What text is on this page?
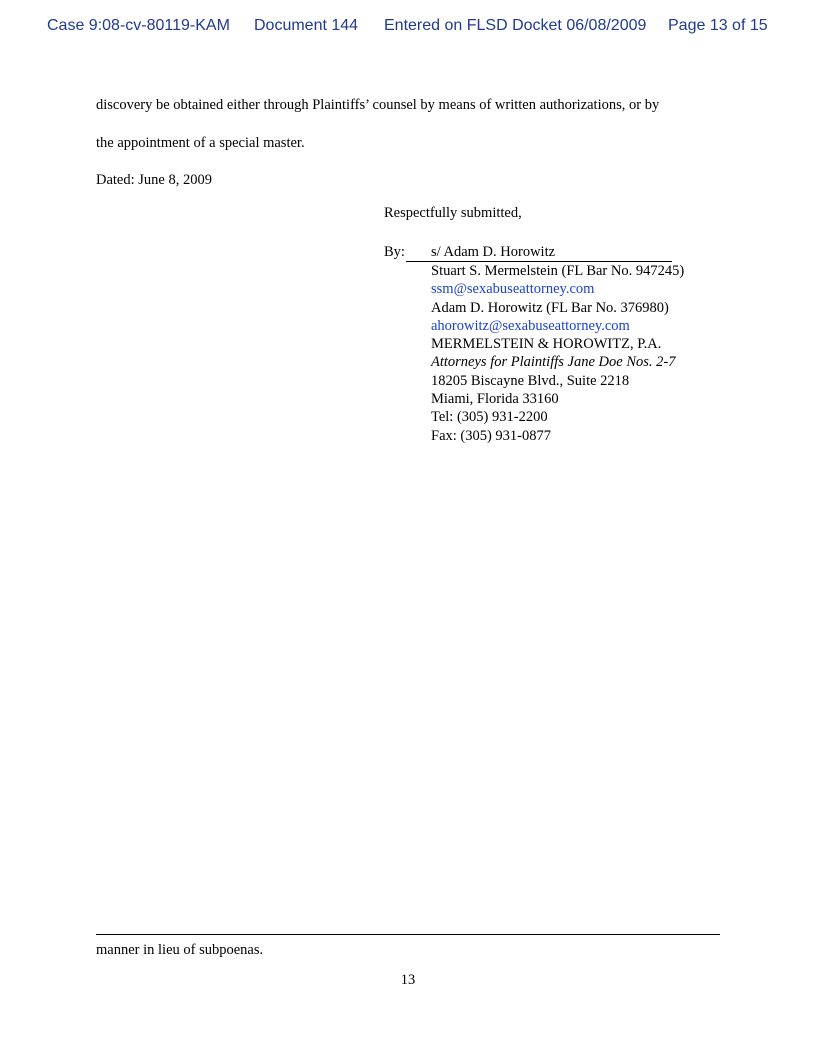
Case 9:08-cv-80119-KAM Document 144 Entered on FLSD Docket 06/08/2009 Page 13 of 15
discovery be obtained either through Plaintiffs’ counsel by means of written authorizations, or by
the appointment of a special master.
Dated: June 8, 2009
Respectfully submitted,
By: s/ Adam D. Horowitz
Stuart S. Mermelstein (FL Bar No. 947245)
ssm@sexabuseattorney.com
Adam D. Horowitz (FL Bar No. 376980)
ahorowitz@sexabuseattorney.com
MERMELSTEIN & HOROWITZ, P.A.
Attorneys for Plaintiffs Jane Doe Nos. 2-7
18205 Biscayne Blvd., Suite 2218
Miami, Florida 33160
Tel: (305) 931-2200
Fax: (305) 931-0877
manner in lieu of subpoenas.
13
